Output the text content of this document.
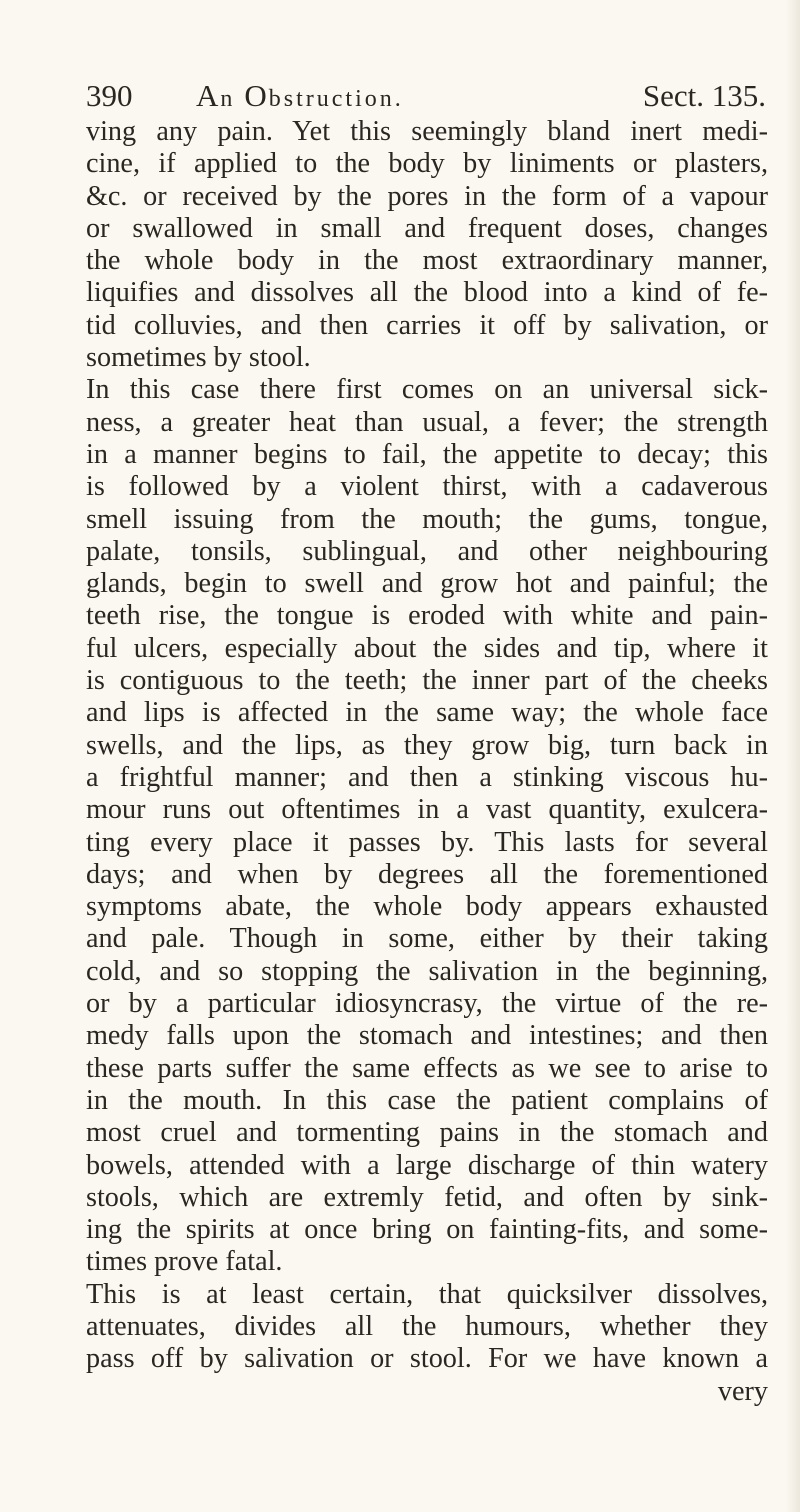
390 An Obstruction.	Sect. 135.
ving any pain. Yet this seemingly bland inert medi-
cine, if applied to the body by liniments or plasters,
&c. or received by the pores in the form of a vapour
or swallowed in small and frequent doses, changes
the whole body in the most extraordinary manner,
liquifies and dissolves all the blood into a kind of fe-
tid colluvies, and then carries it off by salivation, or
sometimes by stool.
In this case there first comes on an universal sick-
ness, a greater heat than usual, a fever; the strength
in a manner begins to fail, the appetite to decay; this
is followed by a violent thirst, with a cadaverous
smell issuing from the mouth; the gums, tongue,
palate, tonsils, sublingual, and other neighbouring
glands, begin to swell and grow hot and painful; the
teeth rise, the tongue is eroded with white and pain-
ful ulcers, especially about the sides and tip, where it
is contiguous to the teeth; the inner part of the cheeks
and lips is affected in the same way; the whole face
swells, and the lips, as they grow big, turn back in
a frightful manner; and then a stinking viscous hu-
mour runs out oftentimes in a vast quantity, exulcera-
ting every place it passes by. This lasts for several
days; and when by degrees all the forementioned
symptoms abate, the whole body appears exhausted
and pale. Though in some, either by their taking
cold, and so stopping the salivation in the beginning,
or by a particular idiosyncrasy, the virtue of the re-
medy falls upon the stomach and intestines; and then
these parts suffer the same effects as we see to arise to
in the mouth. In this case the patient complains of
most cruel and tormenting pains in the stomach and
bowels, attended with a large discharge of thin watery
stools, which are extremly fetid, and often by sink-
ing the spirits at once bring on fainting-fits, and some-
times prove fatal.
This is at least certain, that quicksilver dissolves,
attenuates, divides all the humours, whether they
pass off by salivation or stool. For we have known a
very
